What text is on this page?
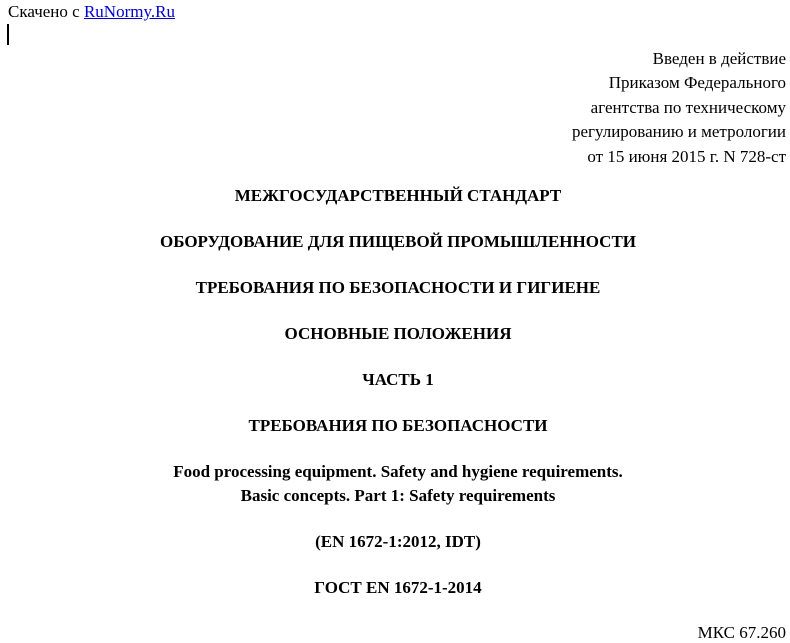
Скачено с RuNormy.Ru
Введен в действие
Приказом Федерального
агентства по техническому
регулированию и метрологии
от 15 июня 2015 г. N 728-ст
МЕЖГОСУДАРСТВЕННЫЙ СТАНДАРТ
ОБОРУДОВАНИЕ ДЛЯ ПИЩЕВОЙ ПРОМЫШЛЕННОСТИ
ТРЕБОВАНИЯ ПО БЕЗОПАСНОСТИ И ГИГИЕНЕ
ОСНОВНЫЕ ПОЛОЖЕНИЯ
ЧАСТЬ 1
ТРЕБОВАНИЯ ПО БЕЗОПАСНОСТИ
Food processing equipment. Safety and hygiene requirements.
Basic concepts. Part 1: Safety requirements
(EN 1672-1:2012, IDT)
ГОСТ EN 1672-1-2014
МКС 67.260
